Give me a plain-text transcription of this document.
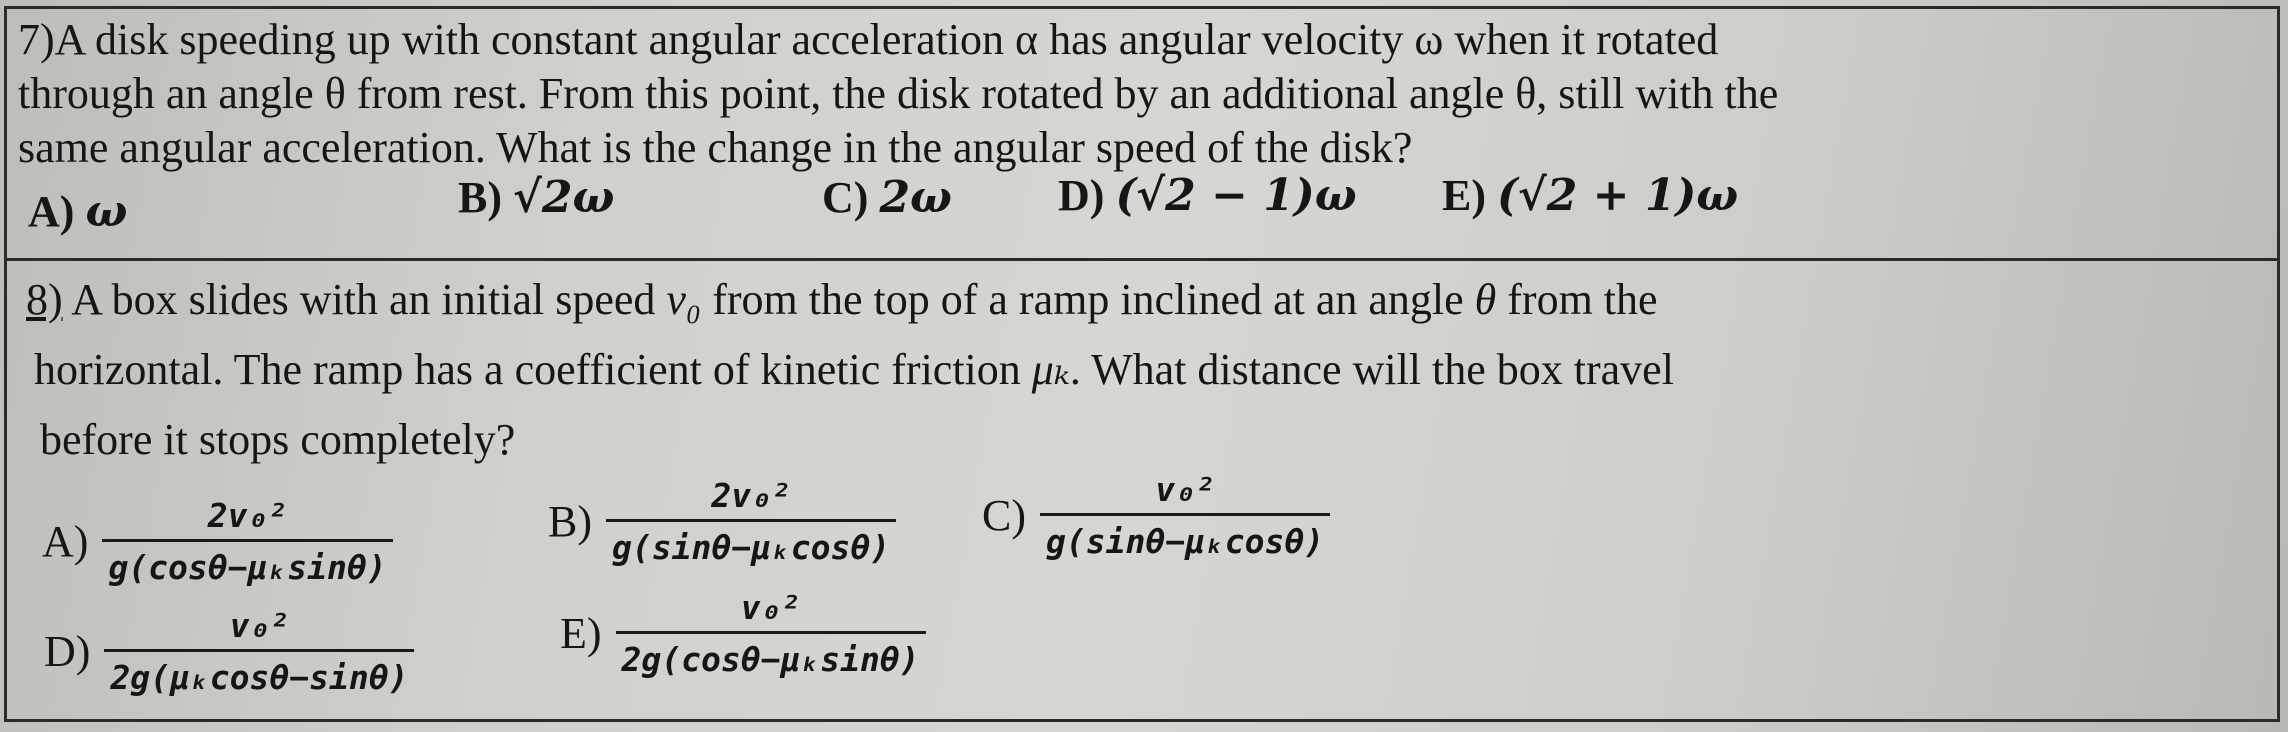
7)A disk speeding up with constant angular acceleration α has angular velocity ω when it rotated
through an angle θ from rest. From this point, the disk rotated by an additional angle θ, still with the
same angular acceleration. What is the change in the angular speed of the disk?
A) ω	B) √2ω	C) 2ω D) (√2 − 1)ω E) (√2 + 1)ω
8) A box slides with an initial speed v₀ from the top of a ramp inclined at an angle θ from the
horizontal. The ramp has a coefficient of kinetic friction μₖ. What distance will the box travel
before it stops completely?
$A) \frac{\text{2v₀²}}{\text{g(cosθ−μₖsinθ)}}$	$B) \frac{\text{2v₀²}}{\text{g(sinθ−μₖcosθ)}} C) \frac{\text{v₀²}}{\text{g(sinθ−μₖcosθ)}}$
$D) \frac{\text{v₀²}}{\text{2g(μₖcosθ−sinθ)}}$	$E) \frac{\text{v₀²}}{\text{2g(cosθ−μₖsinθ)}}$
